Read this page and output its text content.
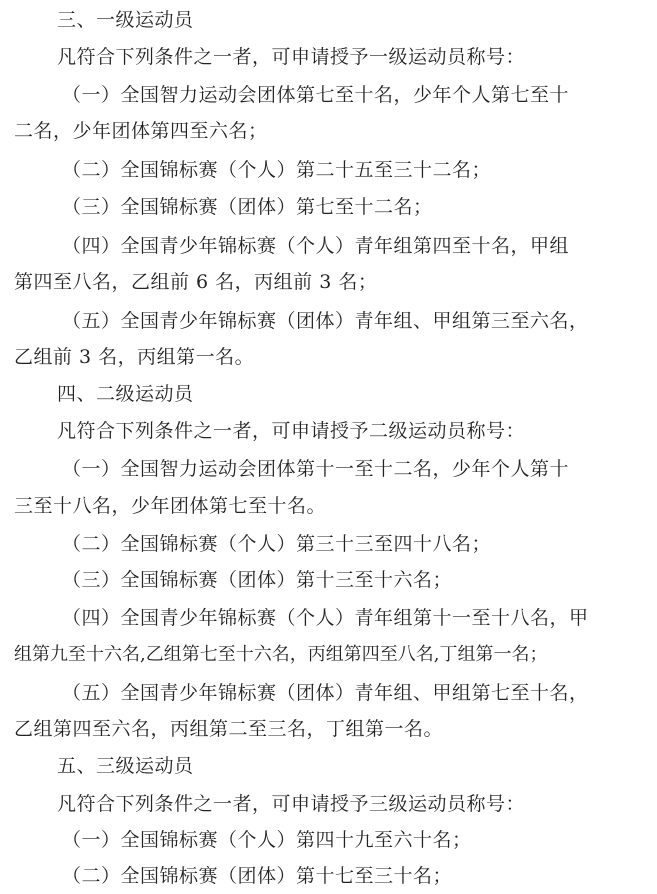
三、一级运动员
凡符合下列条件之一者，可申请授予一级运动员称号：
（一）全国智力运动会团体第七至十名，少年个人第七至十
二名，少年团体第四至六名；
（二）全国锦标赛（个人）第二十五至三十二名；
（三）全国锦标赛（团体）第七至十二名；
（四）全国青少年锦标赛（个人）青年组第四至十名，甲组
第四至八名，乙组前 6 名，丙组前 3 名；
（五）全国青少年锦标赛（团体）青年组、甲组第三至六名，
乙组前 3 名，丙组第一名。
四、二级运动员
凡符合下列条件之一者，可申请授予二级运动员称号：
（一）全国智力运动会团体第十一至十二名，少年个人第十
三至十八名，少年团体第七至十名。
（二）全国锦标赛（个人）第三十三至四十八名；
（三）全国锦标赛（团体）第十三至十六名；
（四）全国青少年锦标赛（个人）青年组第十一至十八名，甲
组第九至十六名,乙组第七至十六名，丙组第四至八名,丁组第一名；
（五）全国青少年锦标赛（团体）青年组、甲组第七至十名，
乙组第四至六名，丙组第二至三名，丁组第一名。
五、三级运动员
凡符合下列条件之一者，可申请授予三级运动员称号：
（一）全国锦标赛（个人）第四十九至六十名；
（二）全国锦标赛（团体）第十七至三十名；
